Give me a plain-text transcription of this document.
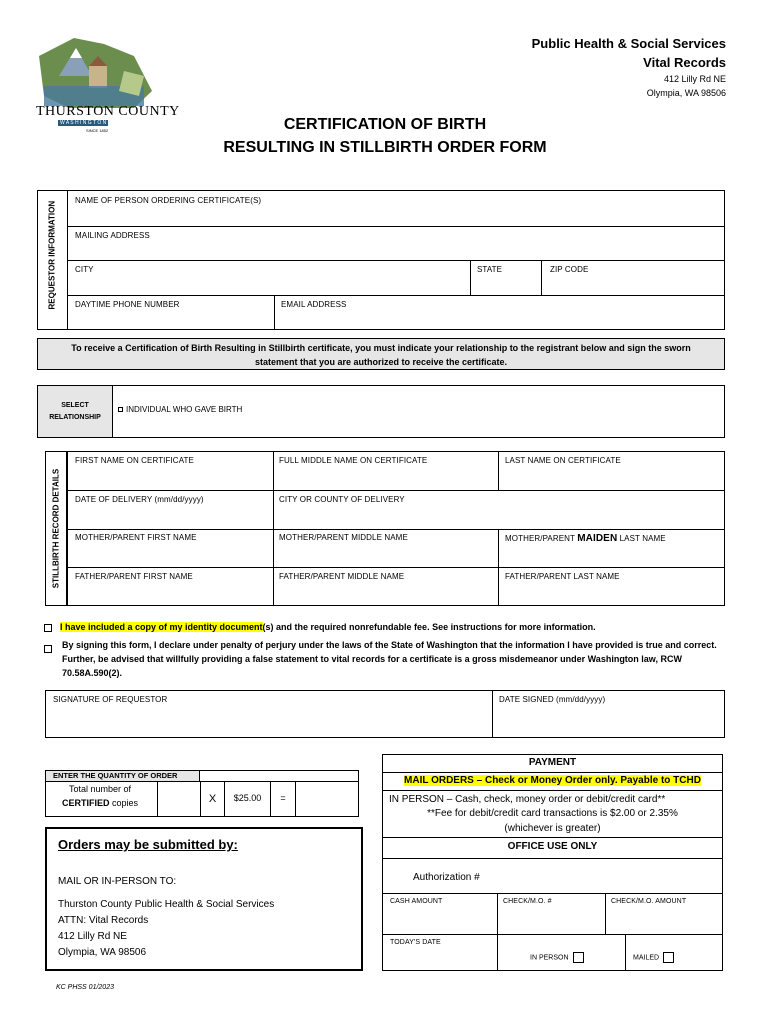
THURSTON COUNTY
W A S H I N G T O N
SINCE 1852
Public Health & Social Services
Vital Records
412 Lilly Rd NE
Olympia, WA 98506
CERTIFICATION OF BIRTH
RESULTING IN STILLBIRTH ORDER FORM
REQUESTOR INFORMATION
NAME OF PERSON ORDERING CERTIFICATE(S)
MAILING ADDRESS
CITY	STATE	ZIP CODE
DAYTIME PHONE NUMBER	EMAIL ADDRESS
To receive a Certification of Birth Resulting in Stillbirth certificate, you must indicate your relationship to the registrant below and sign the sworn statement that you are authorized to receive the certificate.
SELECT
RELATIONSHIP
INDIVIDUAL WHO GAVE BIRTH
STILLBIRTH RECORD DETAILS
FIRST NAME ON CERTIFICATE	FULL MIDDLE NAME ON CERTIFICATE	LAST NAME ON CERTIFICATE
DATE OF DELIVERY (mm/dd/yyyy)	CITY OR COUNTY OF DELIVERY
MOTHER/PARENT FIRST NAME	MOTHER/PARENT MIDDLE NAME	MOTHER/PARENT MAIDEN LAST NAME
FATHER/PARENT FIRST NAME	FATHER/PARENT MIDDLE NAME	FATHER/PARENT LAST NAME
I have included a copy of my identity document(s) and the required nonrefundable fee. See instructions for more information.
By signing this form, I declare under penalty of perjury under the laws of the State of Washington that the information I have provided is true and correct. Further, be advised that willfully providing a false statement to vital records for a certificate is a gross misdemeanor under Washington law, RCW 70.58A.590(2).
SIGNATURE OF REQUESTOR	DATE SIGNED (mm/dd/yyyy)
ENTER THE QUANTITY OF ORDER
Total number of
CERTIFIED copies	X	$25.00	=
Orders may be submitted by:
MAIL OR IN-PERSON TO:
Thurston County Public Health & Social Services
ATTN: Vital Records
412 Lilly Rd NE
Olympia, WA 98506
PAYMENT
MAIL ORDERS – Check or Money Order only. Payable to TCHD
IN PERSON – Cash, check, money order or debit/credit card**
**Fee for debit/credit card transactions is $2.00 or 2.35%
(whichever is greater)
OFFICE USE ONLY
Authorization #
CASH AMOUNT	CHECK/M.O. #	CHECK/M.O. AMOUNT
TODAY'S DATE
IN PERSON	MAILED
KC PHSS 01/2023
